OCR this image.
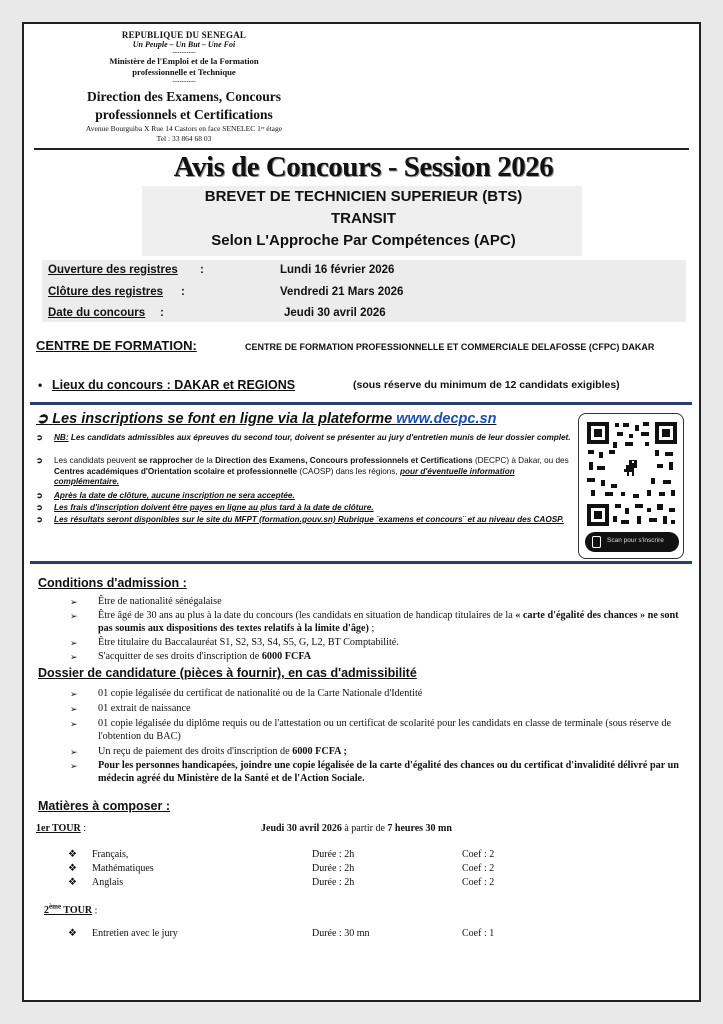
REPUBLIQUE DU SENEGAL
Un Peuple – Un But – Une Foi
----------
Ministère de l'Emploi et de la Formation
professionnelle et Technique
----------
Direction des Examens, Concours
professionnels et Certifications
Avenue Bourguiba X Rue 14 Castors en face SENELEC 1ᵉʳ étage
Tel : 33 864 68 03
Avis de Concours - Session 2026
BREVET DE TECHNICIEN SUPERIEUR (BTS)
TRANSIT
Selon L'Approche Par Compétences (APC)
Ouverture des registres :	Lundi 16 février 2026
Clôture des registres :	Vendredi 21 Mars 2026
Date du concours :	Jeudi 30 avril 2026
CENTRE DE FORMATION:	CENTRE DE FORMATION PROFESSIONNELLE ET COMMERCIALE DELAFOSSE (CFPC) DAKAR
• Lieux du concours : DAKAR et REGIONS	(sous réserve du minimum de 12 candidats exigibles)
➲ Les inscriptions se font en ligne via la plateforme www.decpc.sn
➲ NB: Les candidats admissibles aux épreuves du second tour, doivent se présenter au jury d'entretien munis de leur dossier complet.
➲ Les candidats peuvent se rapprocher de la Direction des Examens, Concours professionnels et Certifications (DECPC) à Dakar, ou des Centres académiques d'Orientation scolaire et professionnelle (CAOSP) dans les régions, pour d'éventuelle information complémentaire.
➲ Après la date de clôture, aucune inscription ne sera acceptée.
➲ Les frais d'inscription doivent être payes en ligne au plus tard à la date de clôture.
➲ Les résultats seront disponibles sur le site du MFPT (formation.gouv.sn) Rubrique ¨examens et concours¨ et au niveau des CAOSP.
Scan pour s'inscrire
Conditions d'admission :
➢ Être de nationalité sénégalaise
➢ Être âgé de 30 ans au plus à la date du concours (les candidats en situation de handicap titulaires de la « carte d'égalité des chances » ne sont pas soumis aux dispositions des textes relatifs à la limite d'âge) ;
➢ Être titulaire du Baccalauréat S1, S2, S3, S4, S5, G, L2, BT Comptabilité.
➢ S'acquitter de ses droits d'inscription de 6000 FCFA
Dossier de candidature (pièces à fournir), en cas d'admissibilité
➢ 01 copie légalisée du certificat de nationalité ou de la Carte Nationale d'Identité
➢ 01 extrait de naissance
➢ 01 copie légalisée du diplôme requis ou de l'attestation ou un certificat de scolarité pour les candidats en classe de terminale (sous réserve de l'obtention du BAC)
➢ Un reçu de paiement des droits d'inscription de 6000 FCFA ;
➢ Pour les personnes handicapées, joindre une copie légalisée de la carte d'égalité des chances ou du certificat d'invalidité délivré par un médecin agréé du Ministère de la Santé et de l'Action Sociale.
Matières à composer :
1er TOUR :	Jeudi 30 avril 2026 à partir de 7 heures 30 mn
❖ Français,	Durée : 2h	Coef : 2
❖ Mathématiques	Durée : 2h	Coef : 2
❖ Anglais	Durée : 2h	Coef : 2
2ème TOUR :
❖ Entretien avec le jury	Durée : 30 mn	Coef : 1
